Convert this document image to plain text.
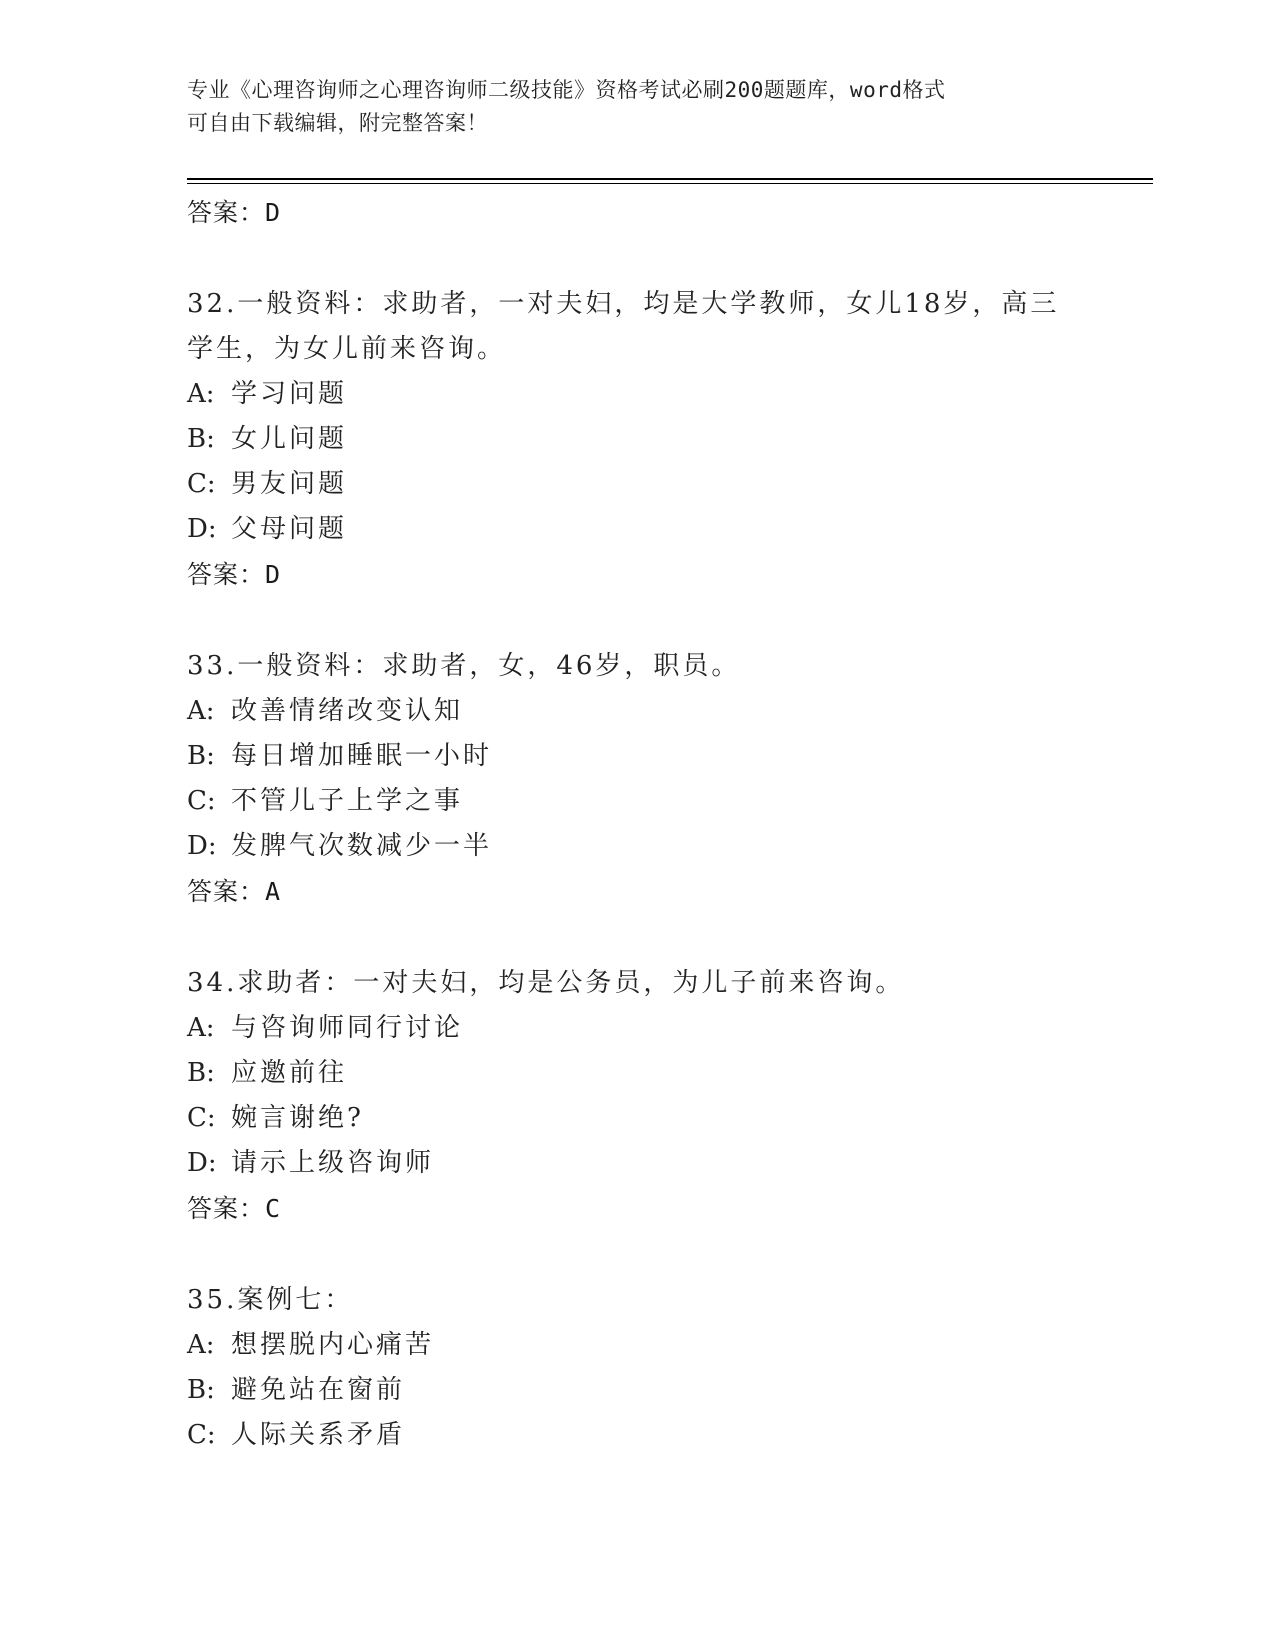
专业《心理咨询师之心理咨询师二级技能》资格考试必刷200题题库，word格式
可自由下载编辑，附完整答案！
答案：D
32.一般资料：求助者，一对夫妇，均是大学教师，女儿18岁，高三
学生，为女儿前来咨询。
A: 学习问题
B: 女儿问题
C: 男友问题
D: 父母问题
答案：D
33.一般资料：求助者，女，46岁，职员。
A: 改善情绪改变认知
B: 每日增加睡眠一小时
C: 不管儿子上学之事
D: 发脾气次数减少一半
答案：A
34.求助者：一对夫妇，均是公务员，为儿子前来咨询。
A: 与咨询师同行讨论
B: 应邀前往
C: 婉言谢绝?
D: 请示上级咨询师
答案：C
35.案例七：
A: 想摆脱内心痛苦
B: 避免站在窗前
C: 人际关系矛盾
